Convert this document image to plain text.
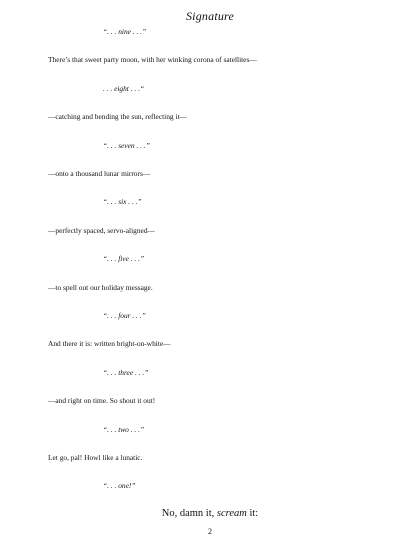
Signature
“. . . nine . . .”
There’s that sweet party moon, with her winking corona of satellites—
. . . eight . . .“
—catching and bending the sun, reflecting it—
“. . . seven . . .”
—onto a thousand lunar mirrors—
“. . . six . . .”
—perfectly spaced, servo-aligned—
“. . . five . . .”
—to spell out our holiday message.
“. . . four . . .”
And there it is: written bright-on-white—
“. . . three . . .”
—and right on time. So shout it out!
“. . . two . . .”
Let go, pal! Howl like a lunatic.
“. . . one!”
No, damn it, scream it:
2
